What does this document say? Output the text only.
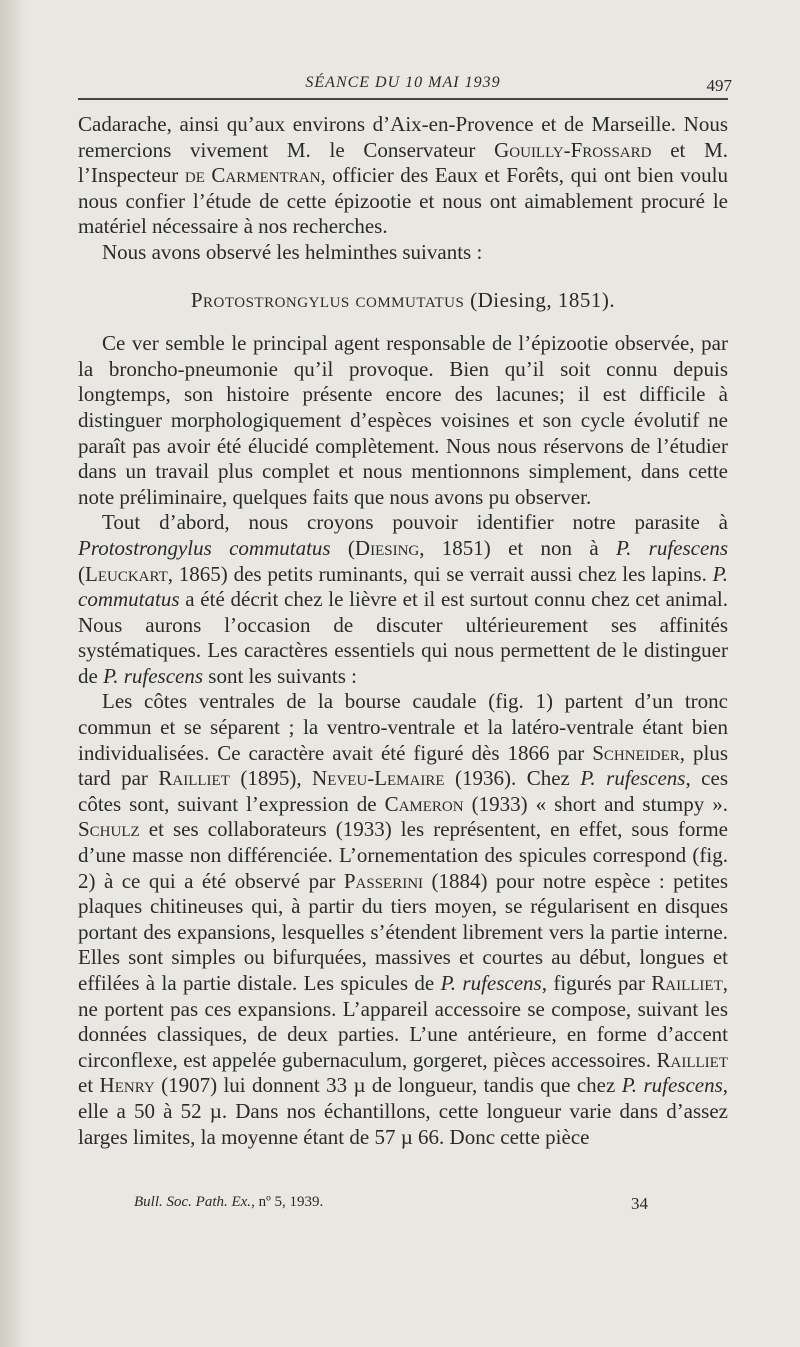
SÉANCE DU 10 MAI 1939	497

Cadarache, ainsi qu’aux environs d’Aix-en-Provence et de Marseille. Nous remercions vivement M. le Conservateur Gouilly-Frossard et M. l’Inspecteur de Carmentran, officier des Eaux et Forêts, qui ont bien voulu nous confier l’étude de cette épizootie et nous ont aimablement procuré le matériel nécessaire à nos recherches.

Nous avons observé les helminthes suivants :

Protostrongylus commutatus (Diesing, 1851).

Ce ver semble le principal agent responsable de l’épizootie observée, par la broncho-pneumonie qu’il provoque. Bien qu’il soit connu depuis longtemps, son histoire présente encore des lacunes; il est difficile à distinguer morphologiquement d’espèces voisines et son cycle évolutif ne paraît pas avoir été élucidé complètement. Nous nous réservons de l’étudier dans un travail plus complet et nous mentionnons simplement, dans cette note préliminaire, quelques faits que nous avons pu observer.

Tout d’abord, nous croyons pouvoir identifier notre parasite à Protostrongylus commutatus (Diesing, 1851) et non à P. rufescens (Leuckart, 1865) des petits ruminants, qui se verrait aussi chez les lapins. P. commutatus a été décrit chez le lièvre et il est surtout connu chez cet animal. Nous aurons l’occasion de discuter ultérieurement ses affinités systématiques. Les caractères essentiels qui nous permettent de le distinguer de P. rufescens sont les suivants :

Les côtes ventrales de la bourse caudale (fig. 1) partent d’un tronc commun et se séparent ; la ventro-ventrale et la latéro-ventrale étant bien individualisées. Ce caractère avait été figuré dès 1866 par Schneider, plus tard par Railliet (1895), Neveu-Lemaire (1936). Chez P. rufescens, ces côtes sont, suivant l’expression de Cameron (1933) « short and stumpy ». Schulz et ses collaborateurs (1933) les représentent, en effet, sous forme d’une masse non différenciée. L’ornementation des spicules correspond (fig. 2) à ce qui a été observé par Passerini (1884) pour notre espèce : petites plaques chitineuses qui, à partir du tiers moyen, se régularisent en disques portant des expansions, lesquelles s’étendent librement vers la partie interne. Elles sont simples ou bifurquées, massives et courtes au début, longues et effilées à la partie distale. Les spicules de P. rufescens, figurés par Railliet, ne portent pas ces expansions. L’appareil accessoire se compose, suivant les données classiques, de deux parties. L’une antérieure, en forme d’accent circonflexe, est appelée gubernaculum, gorgeret, pièces accessoires. Railliet et Henry (1907) lui donnent 33 µ de longueur, tandis que chez P. rufescens, elle a 50 à 52 µ. Dans nos échantillons, cette longueur varie dans d’assez larges limites, la moyenne étant de 57 µ 66. Donc cette pièce

Bull. Soc. Path. Ex., nº 5, 1939.	34
